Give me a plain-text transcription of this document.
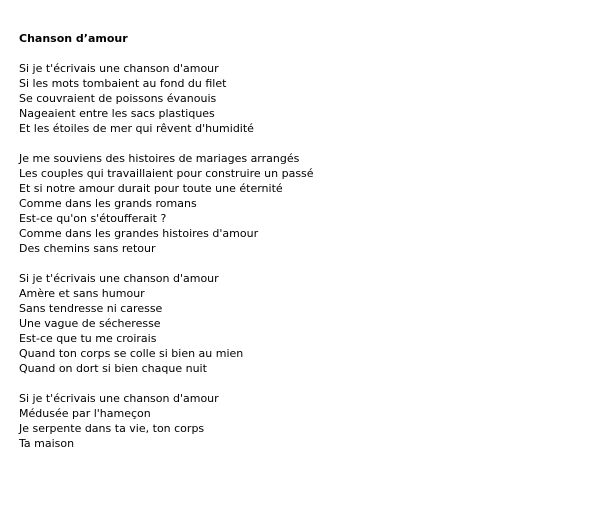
Chanson d’amour
Si je t'écrivais une chanson d'amour
Si les mots tombaient au fond du filet
Se couvraient de poissons évanouis
Nageaient entre les sacs plastiques
Et les étoiles de mer qui rêvent d'humidité
Je me souviens des histoires de mariages arrangés
Les couples qui travaillaient pour construire un passé
Et si notre amour durait pour toute une éternité
Comme dans les grands romans
Est-ce qu'on s'étoufferait ?
Comme dans les grandes histoires d'amour
Des chemins sans retour
Si je t'écrivais une chanson d'amour
Amère et sans humour
Sans tendresse ni caresse
Une vague de sécheresse
Est-ce que tu me croirais
Quand ton corps se colle si bien au mien
Quand on dort si bien chaque nuit
Si je t'écrivais une chanson d'amour
Médusée par l'hameçon
Je serpente dans ta vie, ton corps
Ta maison
